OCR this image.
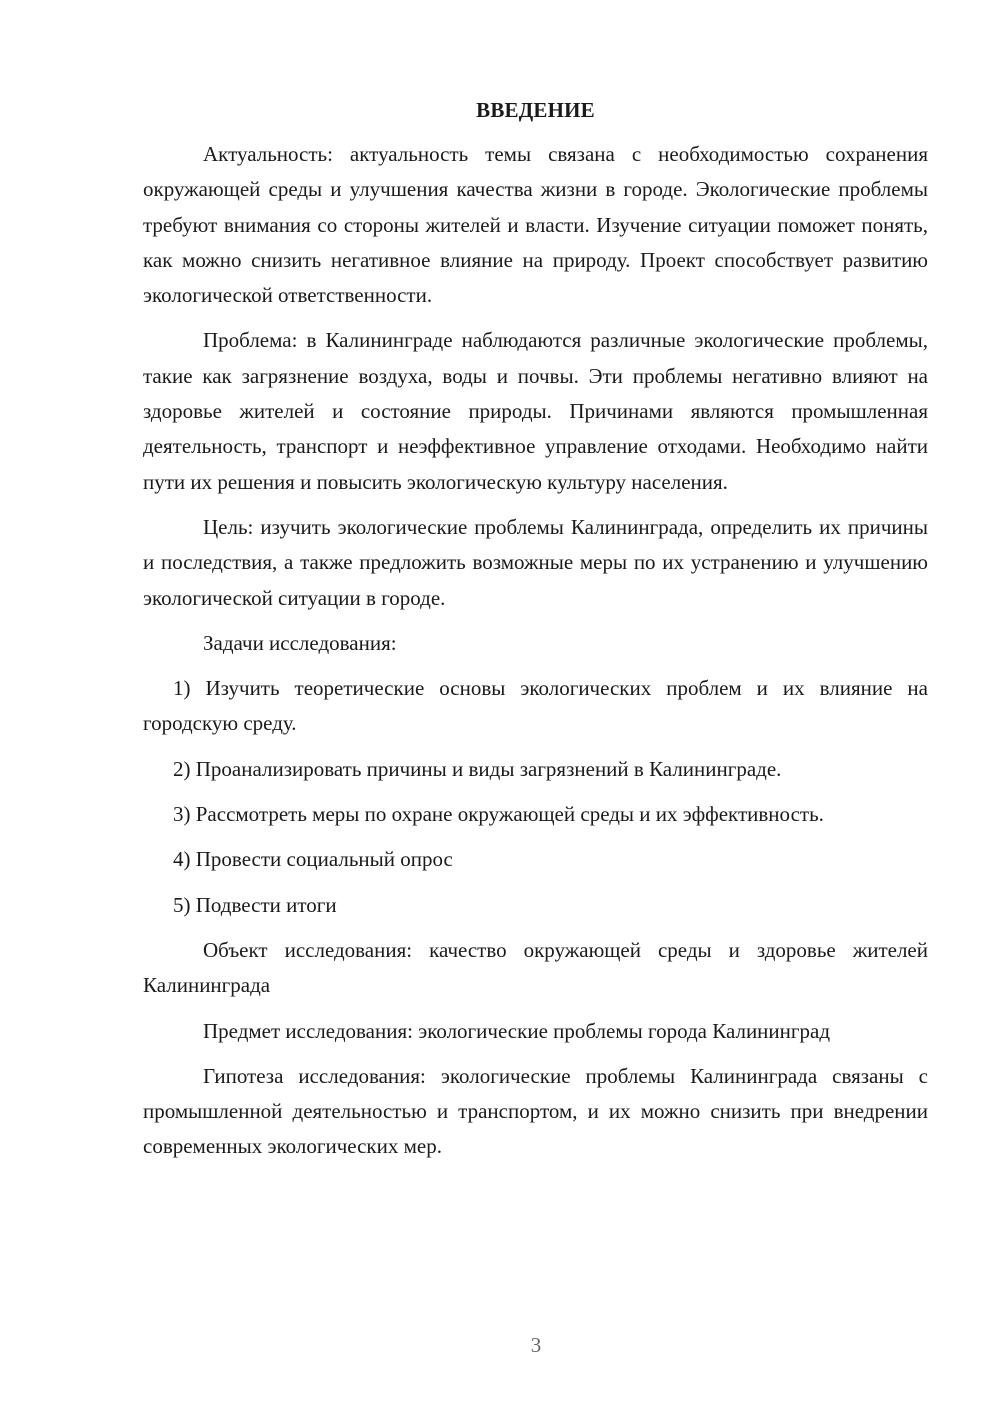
ВВЕДЕНИЕ

Актуальность: актуальность темы связана с необходимостью сохранения окружающей среды и улучшения качества жизни в городе. Экологические проблемы требуют внимания со стороны жителей и власти. Изучение ситуации поможет понять, как можно снизить негативное влияние на природу. Проект способствует развитию экологической ответственности.

Проблема: в Калининграде наблюдаются различные экологические проблемы, такие как загрязнение воздуха, воды и почвы. Эти проблемы негативно влияют на здоровье жителей и состояние природы. Причинами являются промышленная деятельность, транспорт и неэффективное управление отходами. Необходимо найти пути их решения и повысить экологическую культуру населения.

Цель: изучить экологические проблемы Калининграда, определить их причины и последствия, а также предложить возможные меры по их устранению и улучшению экологической ситуации в городе.

Задачи исследования:

1) Изучить теоретические основы экологических проблем и их влияние на городскую среду.

2) Проанализировать причины и виды загрязнений в Калининграде.

3) Рассмотреть меры по охране окружающей среды и их эффективность.

4) Провести социальный опрос

5) Подвести итоги

Объект исследования: качество окружающей среды и здоровье жителей Калининграда

Предмет исследования: экологические проблемы города Калининград

Гипотеза исследования: экологические проблемы Калининграда связаны с промышленной деятельностью и транспортом, и их можно снизить при внедрении современных экологических мер.

3
